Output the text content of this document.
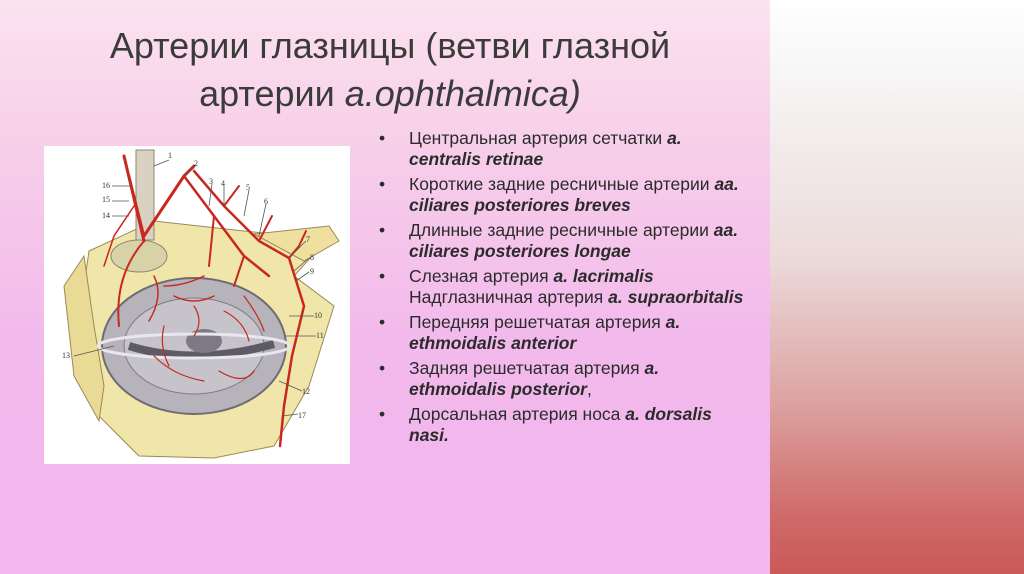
Артерии глазницы (ветви глазной
артерии a.ophthalmica)
1
2
3 4	5
6
7
8
9
10
11
12
13
14
15
16
17
• Центральная артерия сетчатки a. centralis retinae
• Короткие задние ресничные артерии aa. ciliares posteriores breves
• Длинные задние ресничные артерии aa. ciliares posteriores longae
• Слезная артерия a. lacrimalis Надглазничная артерия a. supraorbitalis
• Передняя решетчатая артерия a. ethmoidalis anterior
• Задняя решетчатая артерия a. ethmoidalis posterior,
• Дорсальная артерия носа a. dorsalis nasi.
